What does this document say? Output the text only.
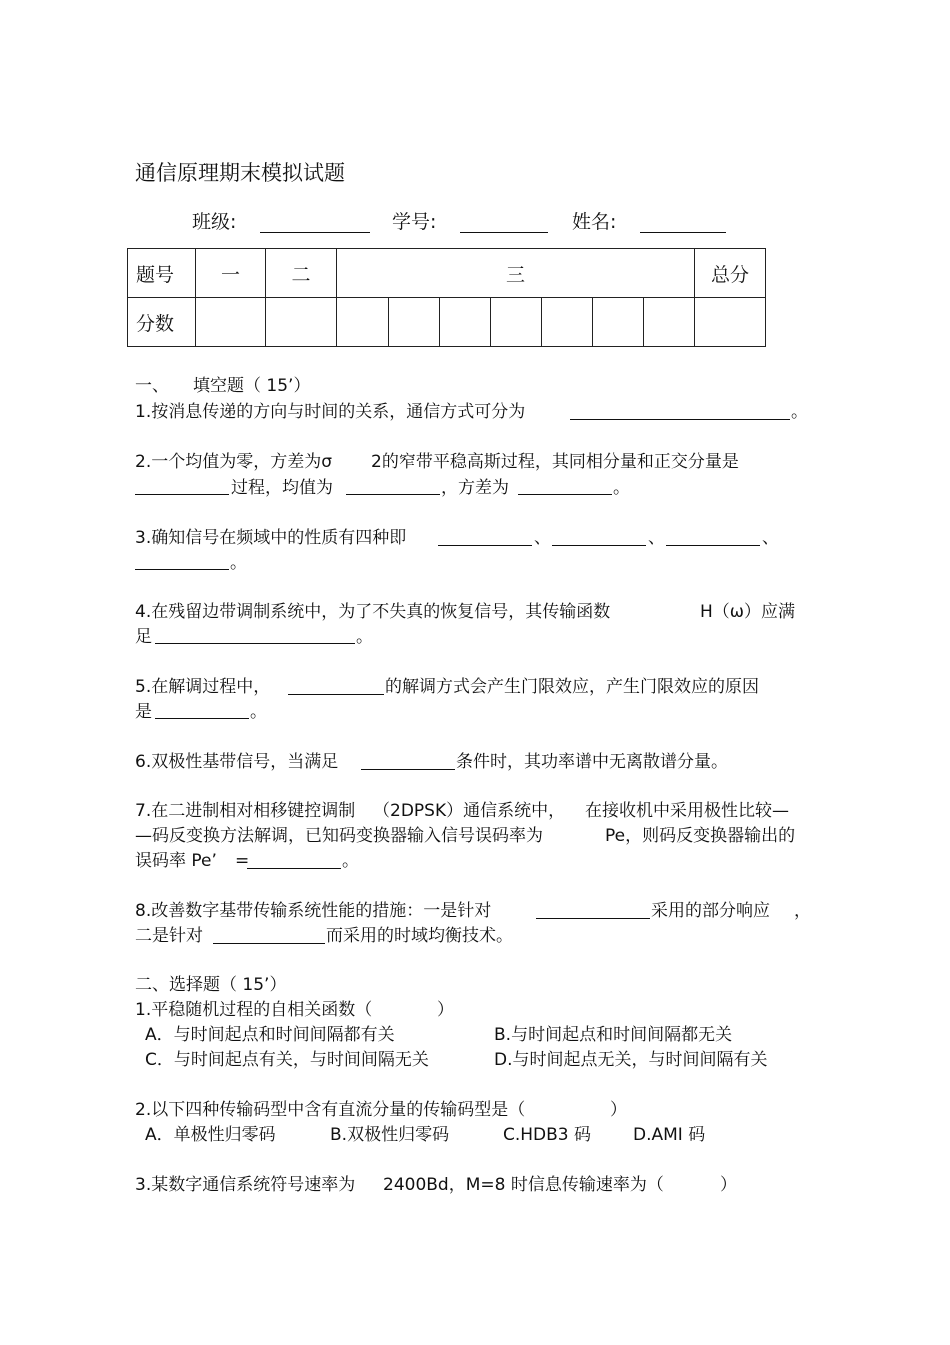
通信原理期末模拟试题
班级:	学号:	姓名:
题号	一	二	三							总分
分数										
一、 填空题（ 15’）
1.按消息传递的方向与时间的关系，通信方式可分为	。
2.一个均值为零，方差为σ 2的窄带平稳高斯过程，其同相分量和正交分量是
过程，均值为	，方差为	。
3.确知信号在频域中的性质有四种即	、	、	、
。
4.在残留边带调制系统中，为了不失真的恢复信号，其传输函数	H（ω）应满
足	。
5.在解调过程中，	的解调方式会产生门限效应，产生门限效应的原因
是	。
6.双极性基带信号，当满足	条件时，其功率谱中无离散谱分量。
7.在二进制相对相移键控调制 （2DPSK）通信系统中， 在接收机中采用极性比较—
—码反变换方法解调，已知码变换器输入信号误码率为	Pe，则码反变换器输出的
误码率 Pe’ =	。
8.改善数字基带传输系统性能的措施：一是针对	采用的部分响应 ，
二是针对	而采用的时域均衡技术。
二、选择题（ 15’）
1.平稳随机过程的自相关函数（	）
A．与时间起点和时间间隔都有关	B.与时间起点和时间间隔都无关
C．与时间起点有关，与时间间隔无关	D.与时间起点无关，与时间间隔有关
2.以下四种传输码型中含有直流分量的传输码型是（	）
A．单极性归零码	B.双极性归零码	C.HDB3 码 D.AMI 码
3.某数字通信系统符号速率为 2400Bd，M=8 时信息传输速率为（	）
